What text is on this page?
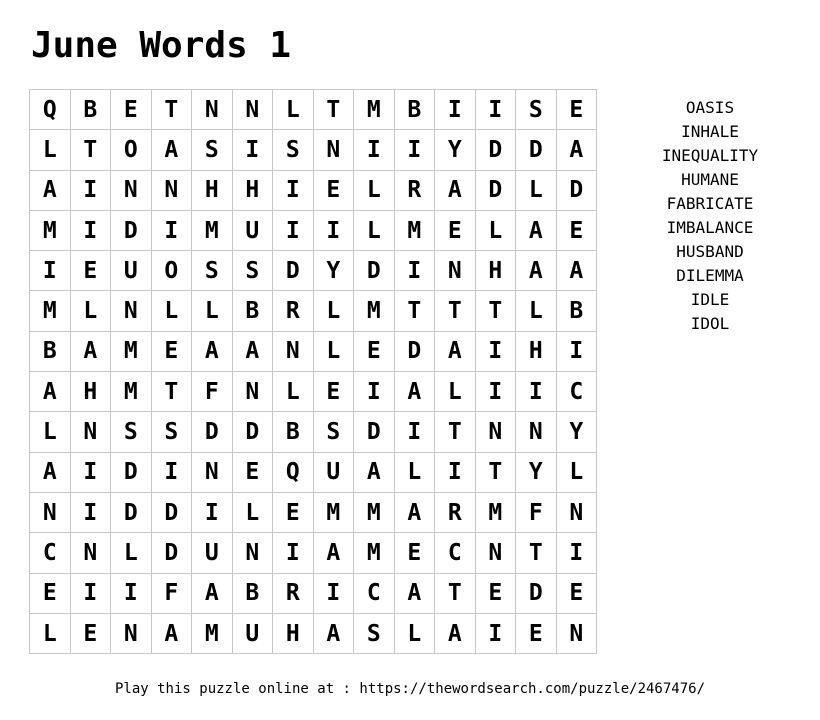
June Words 1
Q	B	E	T	N	N	L	T	M	B	I	I	S	E
L	T	O	A	S	I	S	N	I	I	Y	D	D	A
A	I	N	N	H	H	I	E	L	R	A	D	L	D
M	I	D	I	M	U	I	I	L	M	E	L	A	E
I	E	U	O	S	S	D	Y	D	I	N	H	A	A
M	L	N	L	L	B	R	L	M	T	T	T	L	B
B	A	M	E	A	A	N	L	E	D	A	I	H	I
A	H	M	T	F	N	L	E	I	A	L	I	I	C
L	N	S	S	D	D	B	S	D	I	T	N	N	Y
A	I	D	I	N	E	Q	U	A	L	I	T	Y	L
N	I	D	D	I	L	E	M	M	A	R	M	F	N
C	N	L	D	U	N	I	A	M	E	C	N	T	I
E	I	I	F	A	B	R	I	C	A	T	E	D	E
L	E	N	A	M	U	H	A	S	L	A	I	E	N
OASIS
INHALE
INEQUALITY
HUMANE
FABRICATE
IMBALANCE
HUSBAND
DILEMMA
IDLE
IDOL
Play this puzzle online at : https://thewordsearch.com/puzzle/2467476/
